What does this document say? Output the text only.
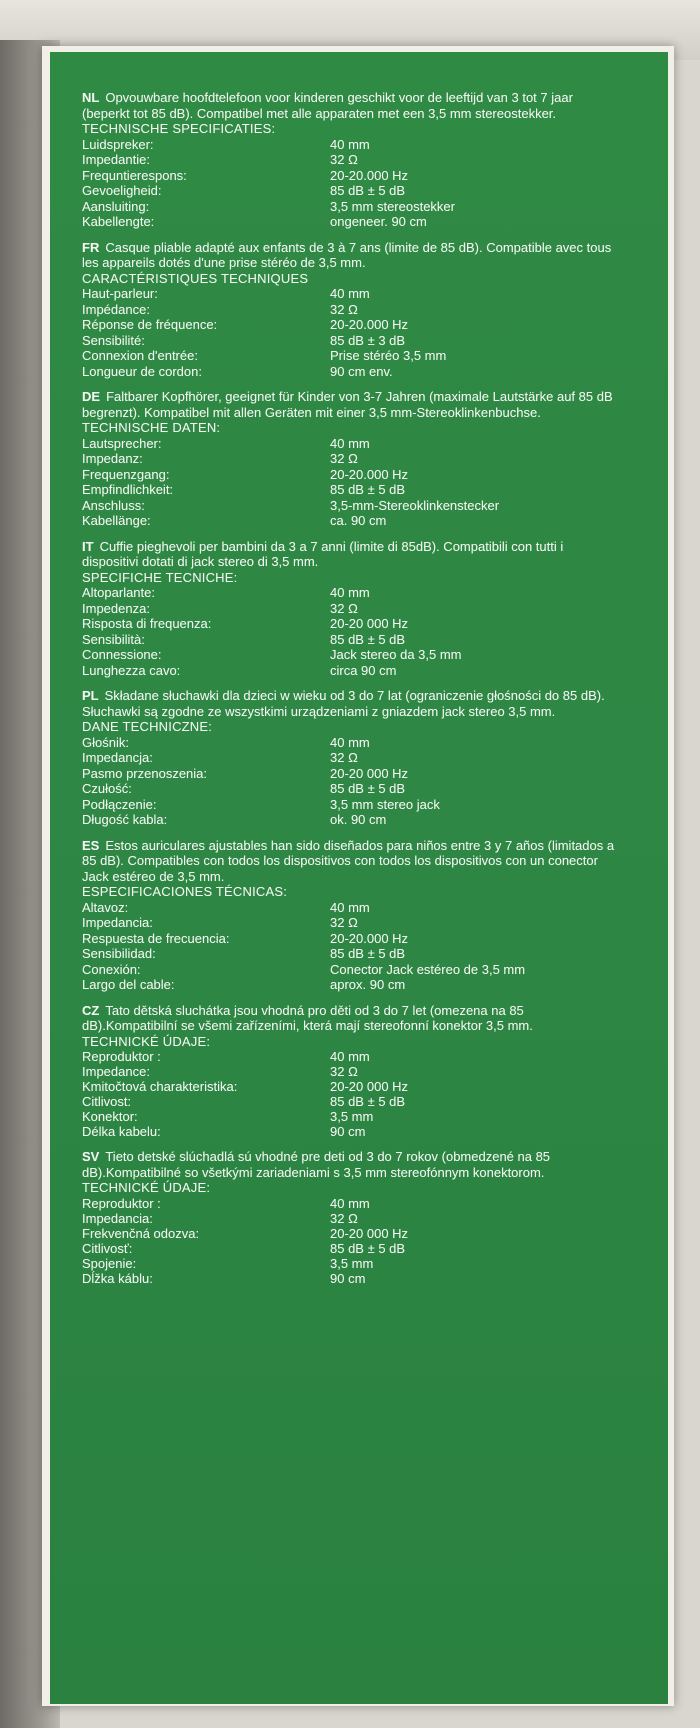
NL Opvouwbare hoofdtelefoon voor kinderen geschikt voor de leeftijd van 3 tot 7 jaar (beperkt tot 85 dB). Compatibel met alle apparaten met een 3,5 mm stereostekker.

TECHNISCHE SPECIFICATIES:

Luidspreker:	40 mm
Impedantie:	32 Ω
Frequntierespons:	20-20.000 Hz
Gevoeligheid:	85 dB ± 5 dB
Aansluiting:	3,5 mm stereostekker
Kabellengte:	ongeneer. 90 cm

FR Casque pliable adapté aux enfants de 3 à 7 ans (limite de 85 dB). Compatible avec tous les appareils dotés d'une prise stéréo de 3,5 mm.

CARACTÉRISTIQUES TECHNIQUES

Haut-parleur:	40 mm
Impédance:	32 Ω
Réponse de fréquence:	20-20.000 Hz
Sensibilité:	85 dB ± 3 dB
Connexion d'entrée:	Prise stéréo 3,5 mm
Longueur de cordon:	90 cm env.

DE Faltbarer Kopfhörer, geeignet für Kinder von 3-7 Jahren (maximale Lautstärke auf 85 dB begrenzt). Kompatibel mit allen Geräten mit einer 3,5 mm-Stereoklinkenbuchse.

TECHNISCHE DATEN:

Lautsprecher:	40 mm
Impedanz:	32 Ω
Frequenzgang:	20-20.000 Hz
Empfindlichkeit:	85 dB ± 5 dB
Anschluss:	3,5-mm-Stereoklinkenstecker
Kabellänge:	ca. 90 cm

IT Cuffie pieghevoli per bambini da 3 a 7 anni (limite di 85dB). Compatibili con tutti i dispositivi dotati di jack stereo di 3,5 mm.

SPECIFICHE TECNICHE:

Altoparlante:	40 mm
Impedenza:	32 Ω
Risposta di frequenza:	20-20 000 Hz
Sensibilità:	85 dB ± 5 dB
Connessione:	Jack stereo da 3,5 mm
Lunghezza cavo:	circa 90 cm

PL Składane słuchawki dla dzieci w wieku od 3 do 7 lat (ograniczenie głośności do 85 dB). Słuchawki są zgodne ze wszystkimi urządzeniami z gniazdem jack stereo 3,5 mm.

DANE TECHNICZNE:

Głośnik:	40 mm
Impedancja:	32 Ω
Pasmo przenoszenia:	20-20 000 Hz
Czułość:	85 dB ± 5 dB
Podłączenie:	3,5 mm stereo jack
Długość kabla:	ok. 90 cm

ES Estos auriculares ajustables han sido diseñados para niños entre 3 y 7 años (limitados a 85 dB). Compatibles con todos los dispositivos con todos los dispositivos con un conector Jack estéreo de 3,5 mm.

ESPECIFICACIONES TÉCNICAS:

Altavoz:	40 mm
Impedancia:	32 Ω
Respuesta de frecuencia:	20-20.000 Hz
Sensibilidad:	85 dB ± 5 dB
Conexión:	Conector Jack estéreo de 3,5 mm
Largo del cable:	aprox. 90 cm

CZ Tato dětská sluchátka jsou vhodná pro děti od 3 do 7 let (omezena na 85 dB).Kompatibilní se všemi zařízeními, která mají stereofonní konektor 3,5 mm.

TECHNICKÉ ÚDAJE:

Reproduktor :	40 mm
Impedance:	32 Ω
Kmitočtová charakteristika:	20-20 000 Hz
Citlivost:	85 dB ± 5 dB
Konektor:	3,5 mm
Délka kabelu:	90 cm

SV Tieto detské slúchadlá sú vhodné pre deti od 3 do 7 rokov (obmedzené na 85 dB).Kompatibilné so všetkými zariadeniami s 3,5 mm stereofónnym konektorom.

TECHNICKÉ ÚDAJE:

Reproduktor :	40 mm
Impedancia:	32 Ω
Frekvenčná odozva:	20-20 000 Hz
Citlivosť:	85 dB ± 5 dB
Spojenie:	3,5 mm
Dĺžka káblu:	90 cm
